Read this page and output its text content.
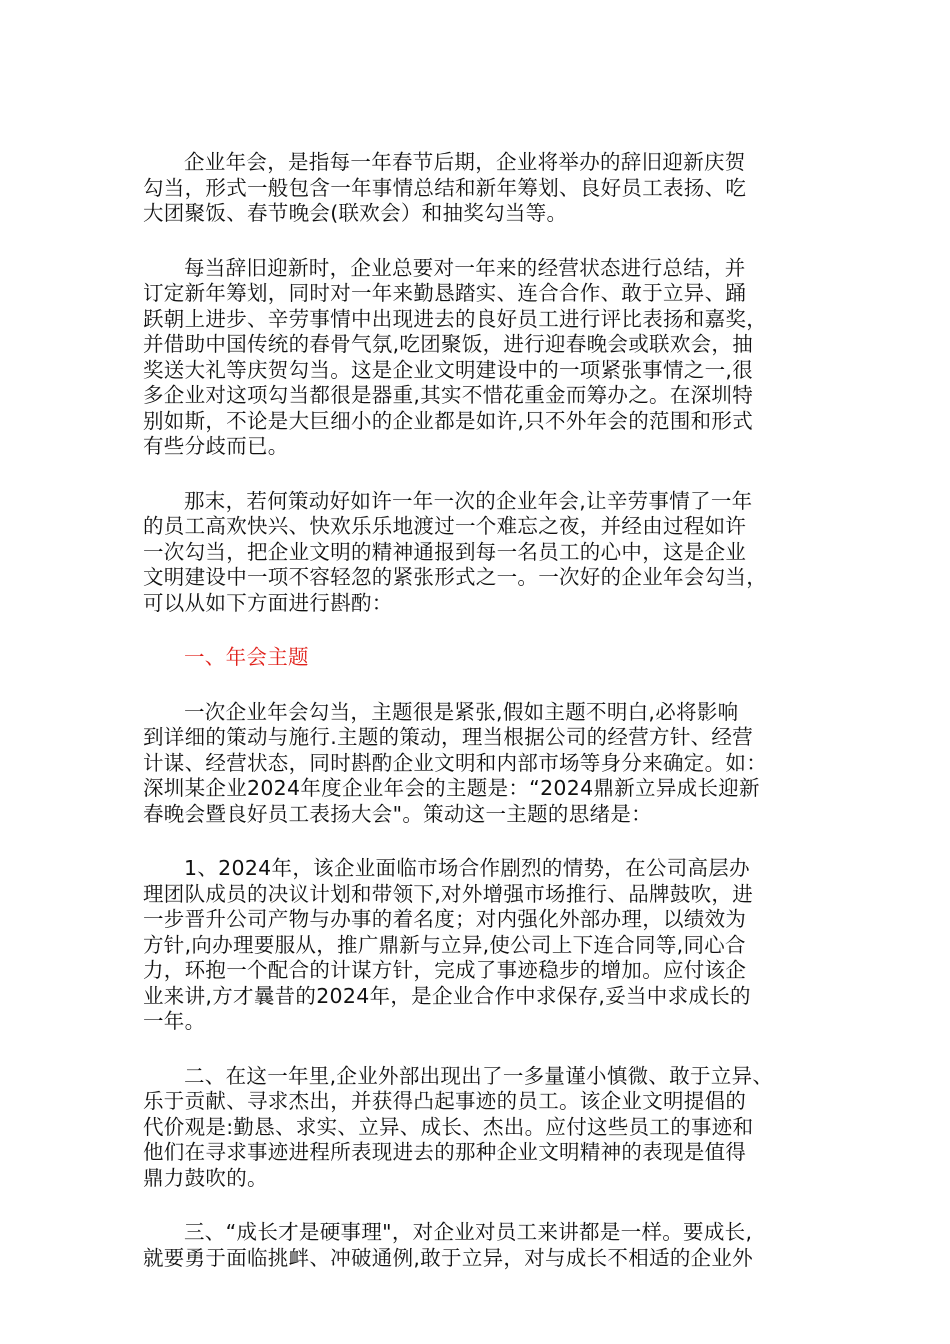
企业年会，是指每一年春节后期，企业将举办的辞旧迎新庆贺
勾当，形式一般包含一年事情总结和新年筹划、良好员工表扬、吃
大团聚饭、春节晚会(联欢会）和抽奖勾当等。

每当辞旧迎新时，企业总要对一年来的经营状态进行总结，并
订定新年筹划，同时对一年来勤恳踏实、连合合作、敢于立异、踊
跃朝上进步、辛劳事情中出现进去的良好员工进行评比表扬和嘉奖，
并借助中国传统的春骨气氛,吃团聚饭，进行迎春晚会或联欢会，抽
奖送大礼等庆贺勾当。这是企业文明建设中的一项紧张事情之一,很
多企业对这项勾当都很是器重,其实不惜花重金而筹办之。在深圳特
别如斯，不论是大巨细小的企业都是如许,只不外年会的范围和形式
有些分歧而已。

那末，若何策动好如许一年一次的企业年会,让辛劳事情了一年
的员工高欢快兴、快欢乐乐地渡过一个难忘之夜，并经由过程如许
一次勾当，把企业文明的精神通报到每一名员工的心中，这是企业
文明建设中一项不容轻忽的紧张形式之一。一次好的企业年会勾当，
可以从如下方面进行斟酌：

一、年会主题

一次企业年会勾当，主题很是紧张,假如主题不明白,必将影响
到详细的策动与施行.主题的策动，理当根据公司的经营方针、经营
计谋、经营状态，同时斟酌企业文明和内部市场等身分来确定。如：
深圳某企业2024年度企业年会的主题是：“2024鼎新立异成长迎新
春晚会暨良好员工表扬大会"。策动这一主题的思绪是：

1、2024年，该企业面临市场合作剧烈的情势，在公司高层办
理团队成员的决议计划和带领下,对外增强市场推行、品牌鼓吹，进
一步晋升公司产物与办事的着名度；对内强化外部办理，以绩效为
方针,向办理要服从，推广鼎新与立异,使公司上下连合同等,同心合
力，环抱一个配合的计谋方针，完成了事迹稳步的增加。应付该企
业来讲,方才曩昔的2024年，是企业合作中求保存,妥当中求成长的
一年。

二、在这一年里,企业外部出现出了一多量谨小慎微、敢于立异、
乐于贡献、寻求杰出，并获得凸起事迹的员工。该企业文明提倡的
代价观是:勤恳、求实、立异、成长、杰出。应付这些员工的事迹和
他们在寻求事迹进程所表现进去的那种企业文明精神的表现是值得
鼎力鼓吹的。

三、“成长才是硬事理"，对企业对员工来讲都是一样。要成长,
就要勇于面临挑衅、冲破通例,敢于立异，对与成长不相适的企业外
